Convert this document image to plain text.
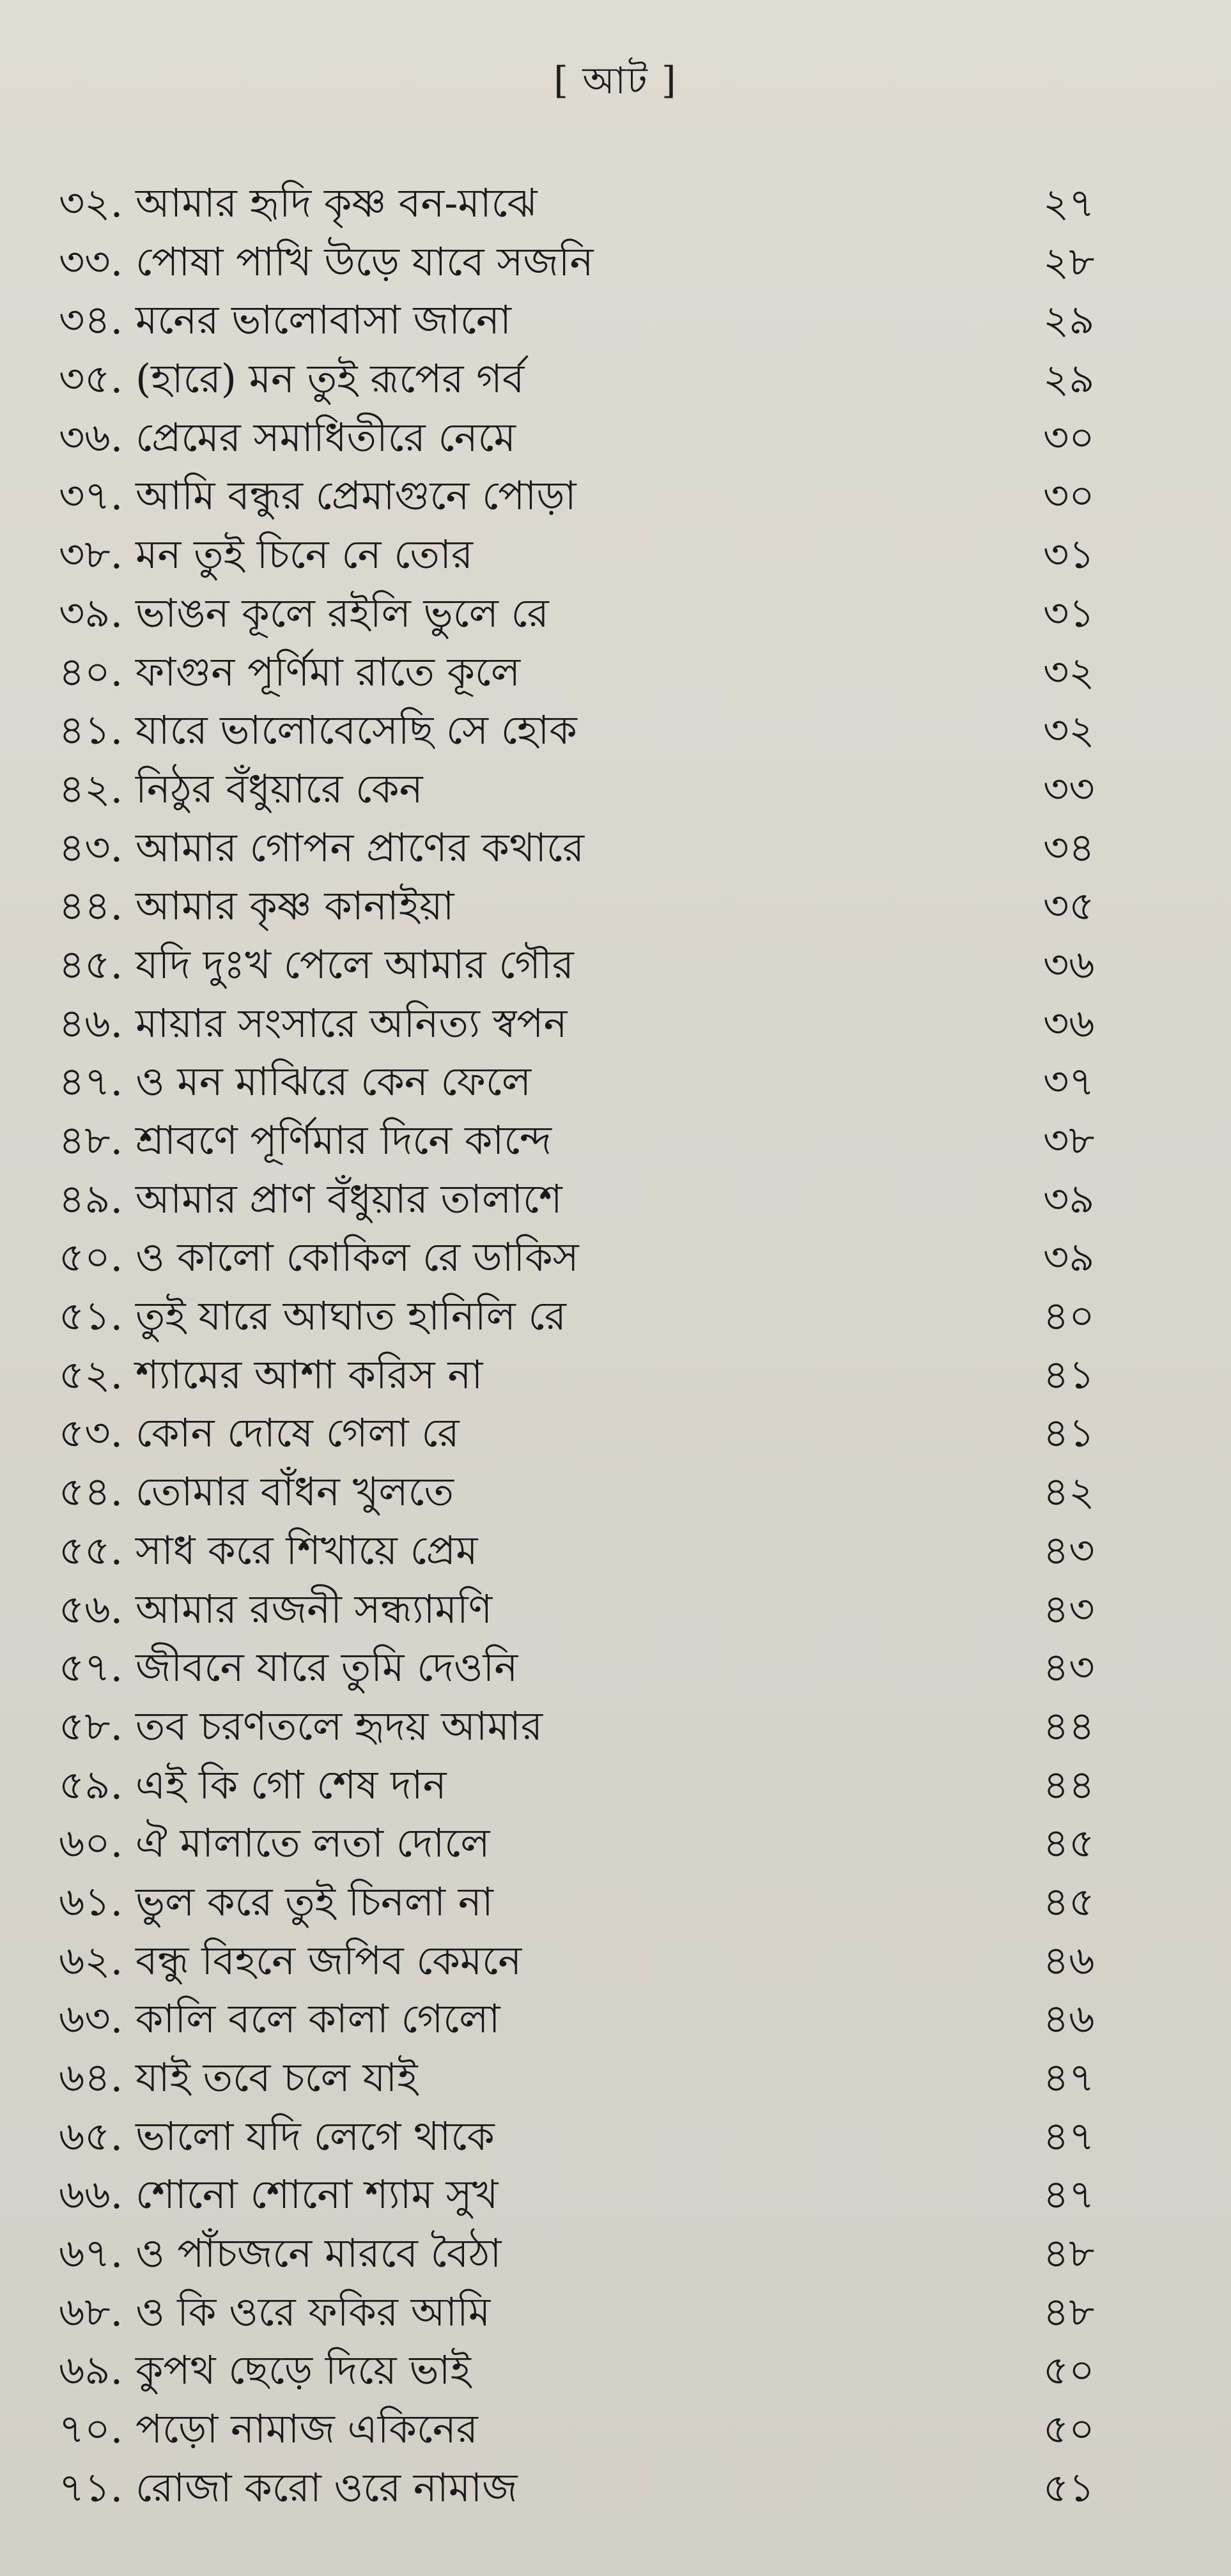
[ আট ]
৩২. আমার হৃদি কৃষ্ণ বন-মাঝে	২৭
৩৩. পোষা পাখি উড়ে যাবে সজনি	২৮
৩৪. মনের ভালোবাসা জানো	২৯
৩৫. (হারে) মন তুই রূপের গর্ব	২৯
৩৬. প্রেমের সমাধিতীরে নেমে	৩০
৩৭. আমি বন্ধুর প্রেমাগুনে পোড়া	৩০
৩৮. মন তুই চিনে নে তোর	৩১
৩৯. ভাঙন কূলে রইলি ভুলে রে	৩১
৪০. ফাগুন পূর্ণিমা রাতে কূলে	৩২
৪১. যারে ভালোবেসেছি সে হোক	৩২
৪২. নিঠুর বঁধুয়ারে কেন	৩৩
৪৩. আমার গোপন প্রাণের কথারে	৩৪
৪৪. আমার কৃষ্ণ কানাইয়া	৩৫
৪৫. যদি দুঃখ পেলে আমার গৌর	৩৬
৪৬. মায়ার সংসারে অনিত্য স্বপন	৩৬
৪৭. ও মন মাঝিরে কেন ফেলে	৩৭
৪৮. শ্রাবণে পূর্ণিমার দিনে কান্দে	৩৮
৪৯. আমার প্রাণ বঁধুয়ার তালাশে	৩৯
৫০. ও কালো কোকিল রে ডাকিস	৩৯
৫১. তুই যারে আঘাত হানিলি রে	৪০
৫২. শ্যামের আশা করিস না	৪১
৫৩. কোন দোষে গেলা রে	৪১
৫৪. তোমার বাঁধন খুলতে	৪২
৫৫. সাধ করে শিখায়ে প্রেম	৪৩
৫৬. আমার রজনী সন্ধ্যামণি	৪৩
৫৭. জীবনে যারে তুমি দেওনি	৪৩
৫৮. তব চরণতলে হৃদয় আমার	৪৪
৫৯. এই কি গো শেষ দান	৪৪
৬০. ঐ মালাতে লতা দোলে	৪৫
৬১. ভুল করে তুই চিনলা না	৪৫
৬২. বন্ধু বিহনে জপিব কেমনে	৪৬
৬৩. কালি বলে কালা গেলো	৪৬
৬৪. যাই তবে চলে যাই	৪৭
৬৫. ভালো যদি লেগে থাকে	৪৭
৬৬. শোনো শোনো শ্যাম সুখ	৪৭
৬৭. ও পাঁচজনে মারবে বৈঠা	৪৮
৬৮. ও কি ওরে ফকির আমি	৪৮
৬৯. কুপথ ছেড়ে দিয়ে ভাই	৫০
৭০. পড়ো নামাজ একিনের	৫০
৭১. রোজা করো ওরে নামাজ	৫১
